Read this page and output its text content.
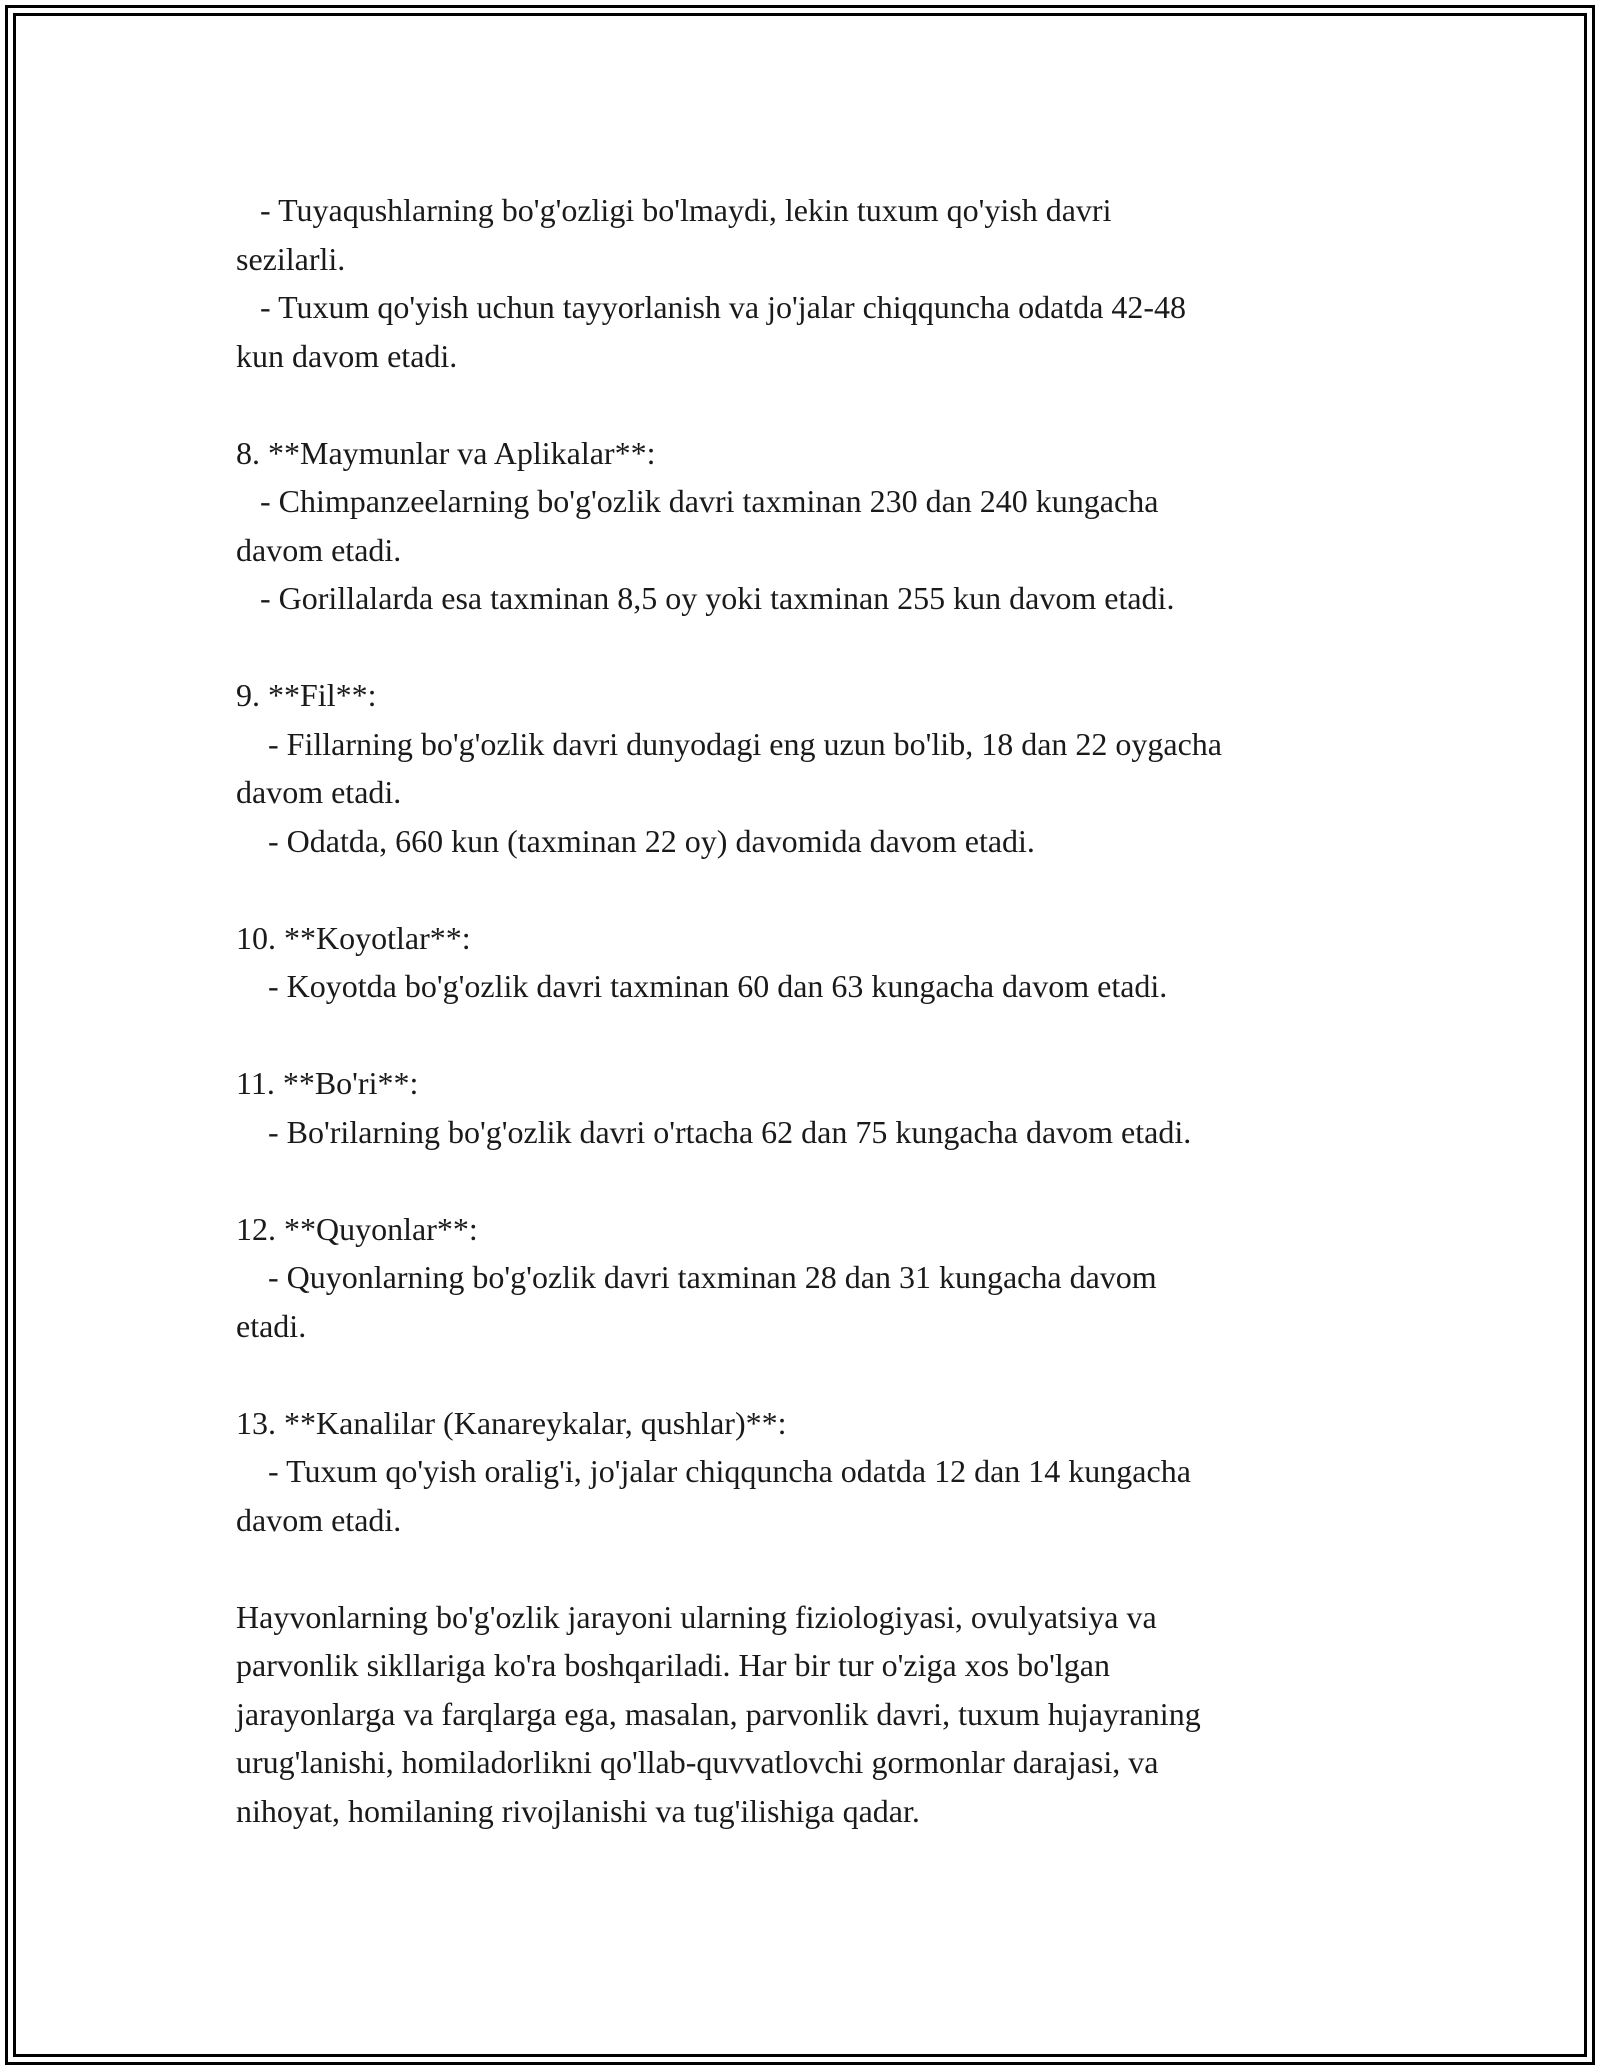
- Tuyaqushlarning bo'g'ozligi bo'lmaydi, lekin tuxum qo'yish davri

sezilarli.

- Tuxum qo'yish uchun tayyorlanish va jo'jalar chiqquncha odatda 42-48

kun davom etadi.

8. **Maymunlar va Aplikalar**:

- Chimpanzeelarning bo'g'ozlik davri taxminan 230 dan 240 kungacha

davom etadi.

- Gorillalarda esa taxminan 8,5 oy yoki taxminan 255 kun davom etadi.

9. **Fil**:

- Fillarning bo'g'ozlik davri dunyodagi eng uzun bo'lib, 18 dan 22 oygacha

davom etadi.

- Odatda, 660 kun (taxminan 22 oy) davomida davom etadi.

10. **Koyotlar**:

- Koyotda bo'g'ozlik davri taxminan 60 dan 63 kungacha davom etadi.

11. **Bo'ri**:

- Bo'rilarning bo'g'ozlik davri o'rtacha 62 dan 75 kungacha davom etadi.

12. **Quyonlar**:

- Quyonlarning bo'g'ozlik davri taxminan 28 dan 31 kungacha davom

etadi.

13. **Kanalilar (Kanareykalar, qushlar)**:

- Tuxum qo'yish oralig'i, jo'jalar chiqquncha odatda 12 dan 14 kungacha

davom etadi.

Hayvonlarning bo'g'ozlik jarayoni ularning fiziologiyasi, ovulyatsiya va

parvonlik sikllariga ko'ra boshqariladi. Har bir tur o'ziga xos bo'lgan

jarayonlarga va farqlarga ega, masalan, parvonlik davri, tuxum hujayraning

urug'lanishi, homiladorlikni qo'llab-quvvatlovchi gormonlar darajasi, va

nihoyat, homilaning rivojlanishi va tug'ilishiga qadar.
